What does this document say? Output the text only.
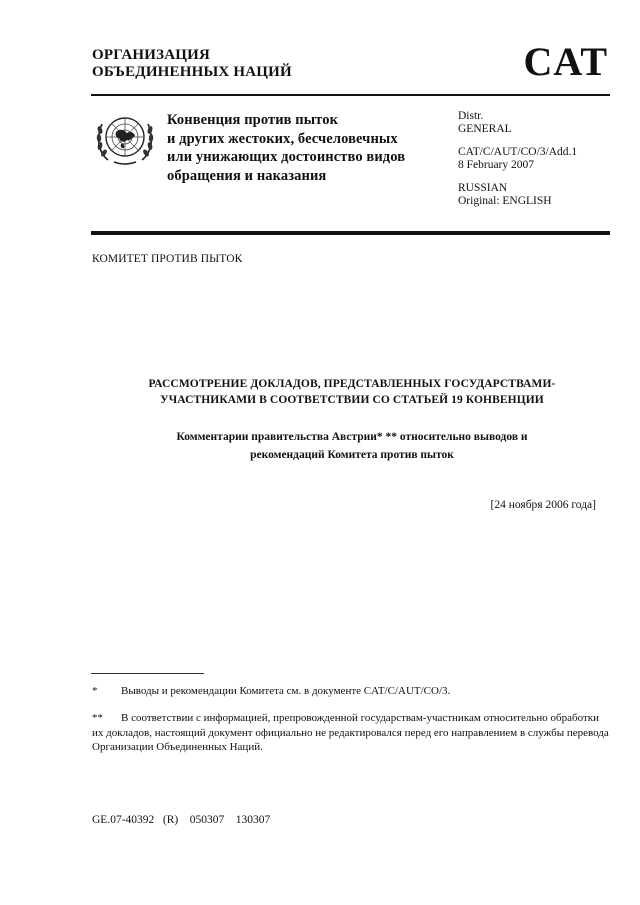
ОРГАНИЗАЦИЯ
ОБЪЕДИНЕННЫХ НАЦИЙ	CAT
Конвенция против пыток
и других жестоких, бесчеловечных
или унижающих достоинство видов
обращения и наказания
Distr.
GENERAL
CAT/C/AUT/CO/3/Add.1
8 February 2007
RUSSIAN
Original: ENGLISH
КОМИТЕТ ПРОТИВ ПЫТОК
РАССМОТРЕНИЕ ДОКЛАДОВ, ПРЕДСТАВЛЕННЫХ ГОСУДАРСТВАМИ-
УЧАСТНИКАМИ В СООТВЕТСТВИИ СО СТАТЬЕЙ 19 КОНВЕНЦИИ
Комментарии правительства Австрии* ** относительно выводов и
рекомендаций Комитета против пыток
[24 ноября 2006 года]
* Выводы и рекомендации Комитета см. в документе CAT/C/AUT/CO/3.
** В соответствии с информацией, препровожденной государствам-участникам относительно обработки их докладов, настоящий документ официально не редактировался перед его направлением в службы перевода Организации Объединенных Наций.
GE.07-40392   (R)    050307    130307
